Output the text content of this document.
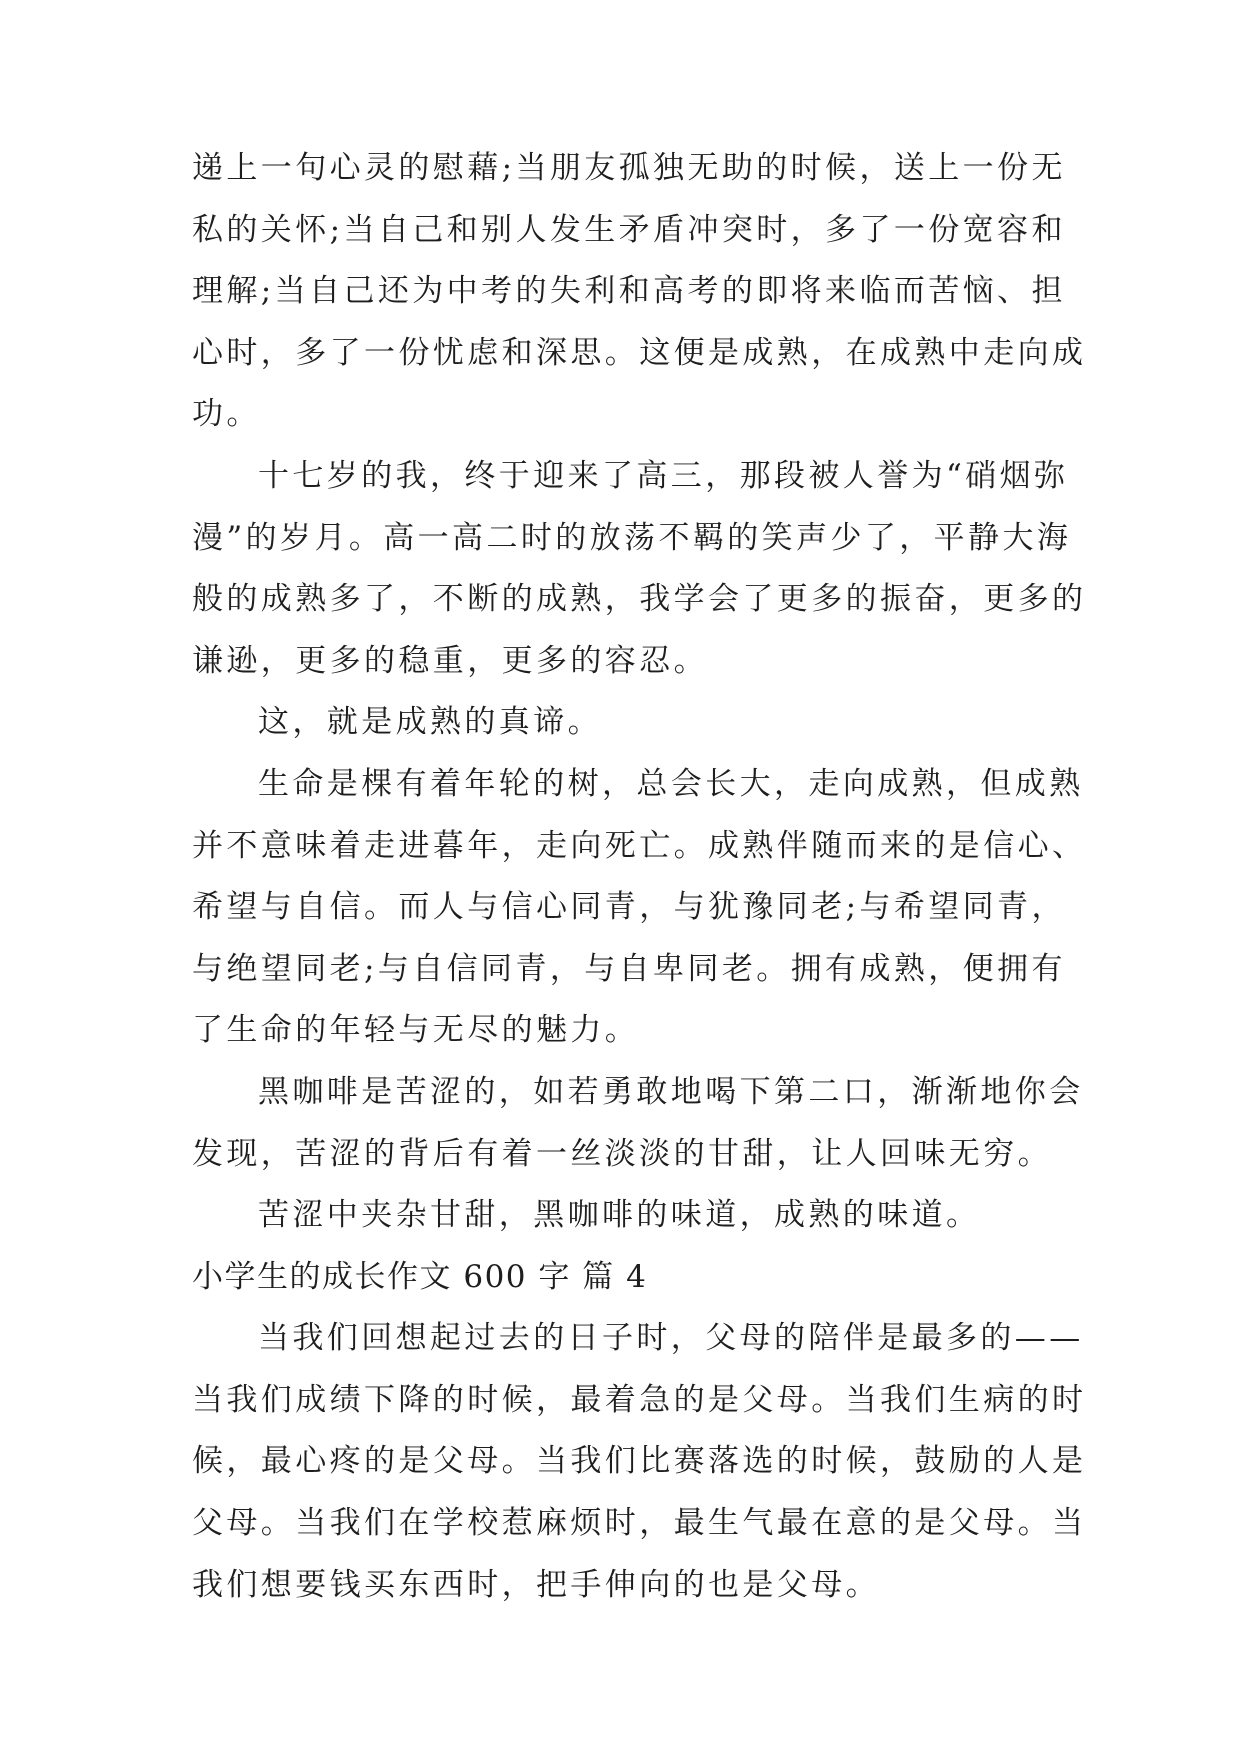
递上一句心灵的慰藉;当朋友孤独无助的时候，送上一份无
私的关怀;当自己和别人发生矛盾冲突时，多了一份宽容和
理解;当自己还为中考的失利和高考的即将来临而苦恼、担
心时，多了一份忧虑和深思。这便是成熟，在成熟中走向成
功。
十七岁的我，终于迎来了高三，那段被人誉为“硝烟弥
漫”的岁月。高一高二时的放荡不羁的笑声少了，平静大海
般的成熟多了，不断的成熟，我学会了更多的振奋，更多的
谦逊，更多的稳重，更多的容忍。
这，就是成熟的真谛。
生命是棵有着年轮的树，总会长大，走向成熟，但成熟
并不意味着走进暮年，走向死亡。成熟伴随而来的是信心、
希望与自信。而人与信心同青，与犹豫同老;与希望同青，
与绝望同老;与自信同青，与自卑同老。拥有成熟，便拥有
了生命的年轻与无尽的魅力。
黑咖啡是苦涩的，如若勇敢地喝下第二口，渐渐地你会
发现，苦涩的背后有着一丝淡淡的甘甜，让人回味无穷。
苦涩中夹杂甘甜，黑咖啡的味道，成熟的味道。
小学生的成长作文 600 字 篇 4
当我们回想起过去的日子时，父母的陪伴是最多的——
当我们成绩下降的时候，最着急的是父母。当我们生病的时
候，最心疼的是父母。当我们比赛落选的时候，鼓励的人是
父母。当我们在学校惹麻烦时，最生气最在意的是父母。当
我们想要钱买东西时，把手伸向的也是父母。
